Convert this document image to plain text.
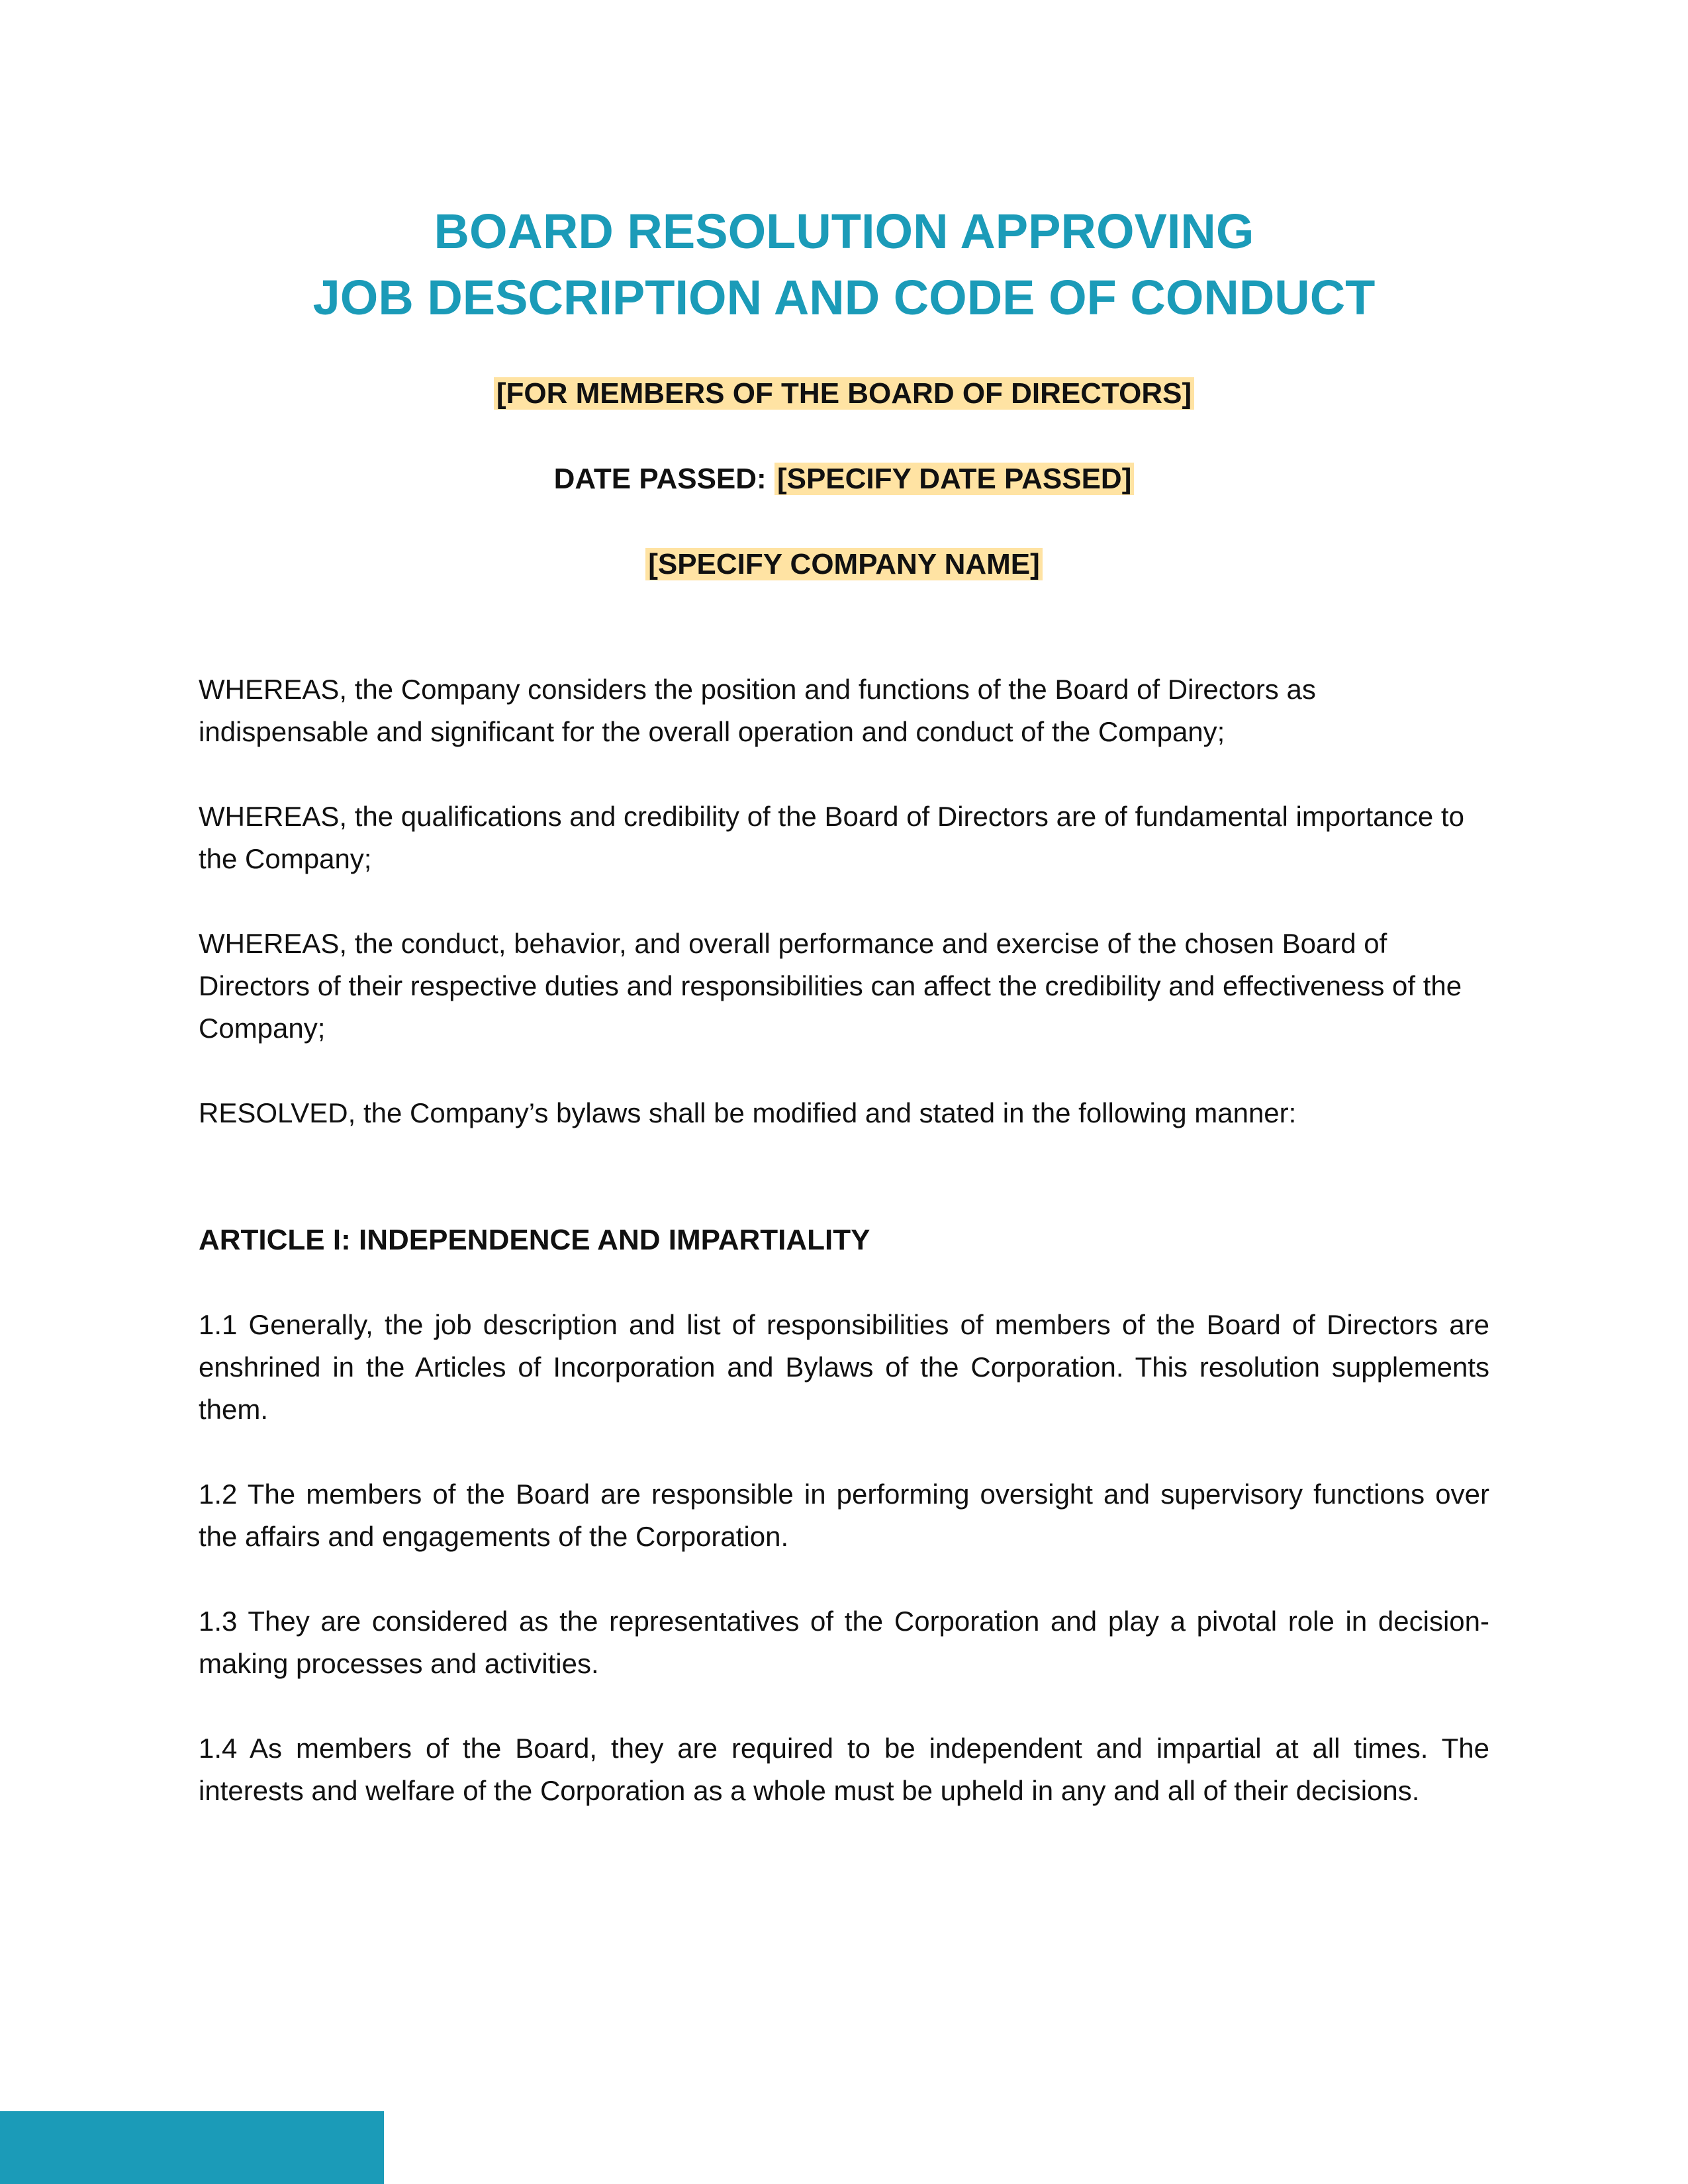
BOARD RESOLUTION APPROVING
JOB DESCRIPTION AND CODE OF CONDUCT
[FOR MEMBERS OF THE BOARD OF DIRECTORS]
DATE PASSED: [SPECIFY DATE PASSED]
[SPECIFY COMPANY NAME]

WHEREAS, the Company considers the position and functions of the Board of Directors as indispensable and significant for the overall operation and conduct of the Company;

WHEREAS, the qualifications and credibility of the Board of Directors are of fundamental importance to the Company;

WHEREAS, the conduct, behavior, and overall performance and exercise of the chosen Board of Directors of their respective duties and responsibilities can affect the credibility and effectiveness of the Company;

RESOLVED, the Company’s bylaws shall be modified and stated in the following manner:

ARTICLE I: INDEPENDENCE AND IMPARTIALITY

1.1 Generally, the job description and list of responsibilities of members of the Board of Directors are enshrined in the Articles of Incorporation and Bylaws of the Corporation. This resolution supplements them.

1.2 The members of the Board are responsible in performing oversight and supervisory functions over the affairs and engagements of the Corporation.

1.3 They are considered as the representatives of the Corporation and play a pivotal role in decision-making processes and activities.

1.4 As members of the Board, they are required to be independent and impartial at all times. The interests and welfare of the Corporation as a whole must be upheld in any and all of their decisions.
